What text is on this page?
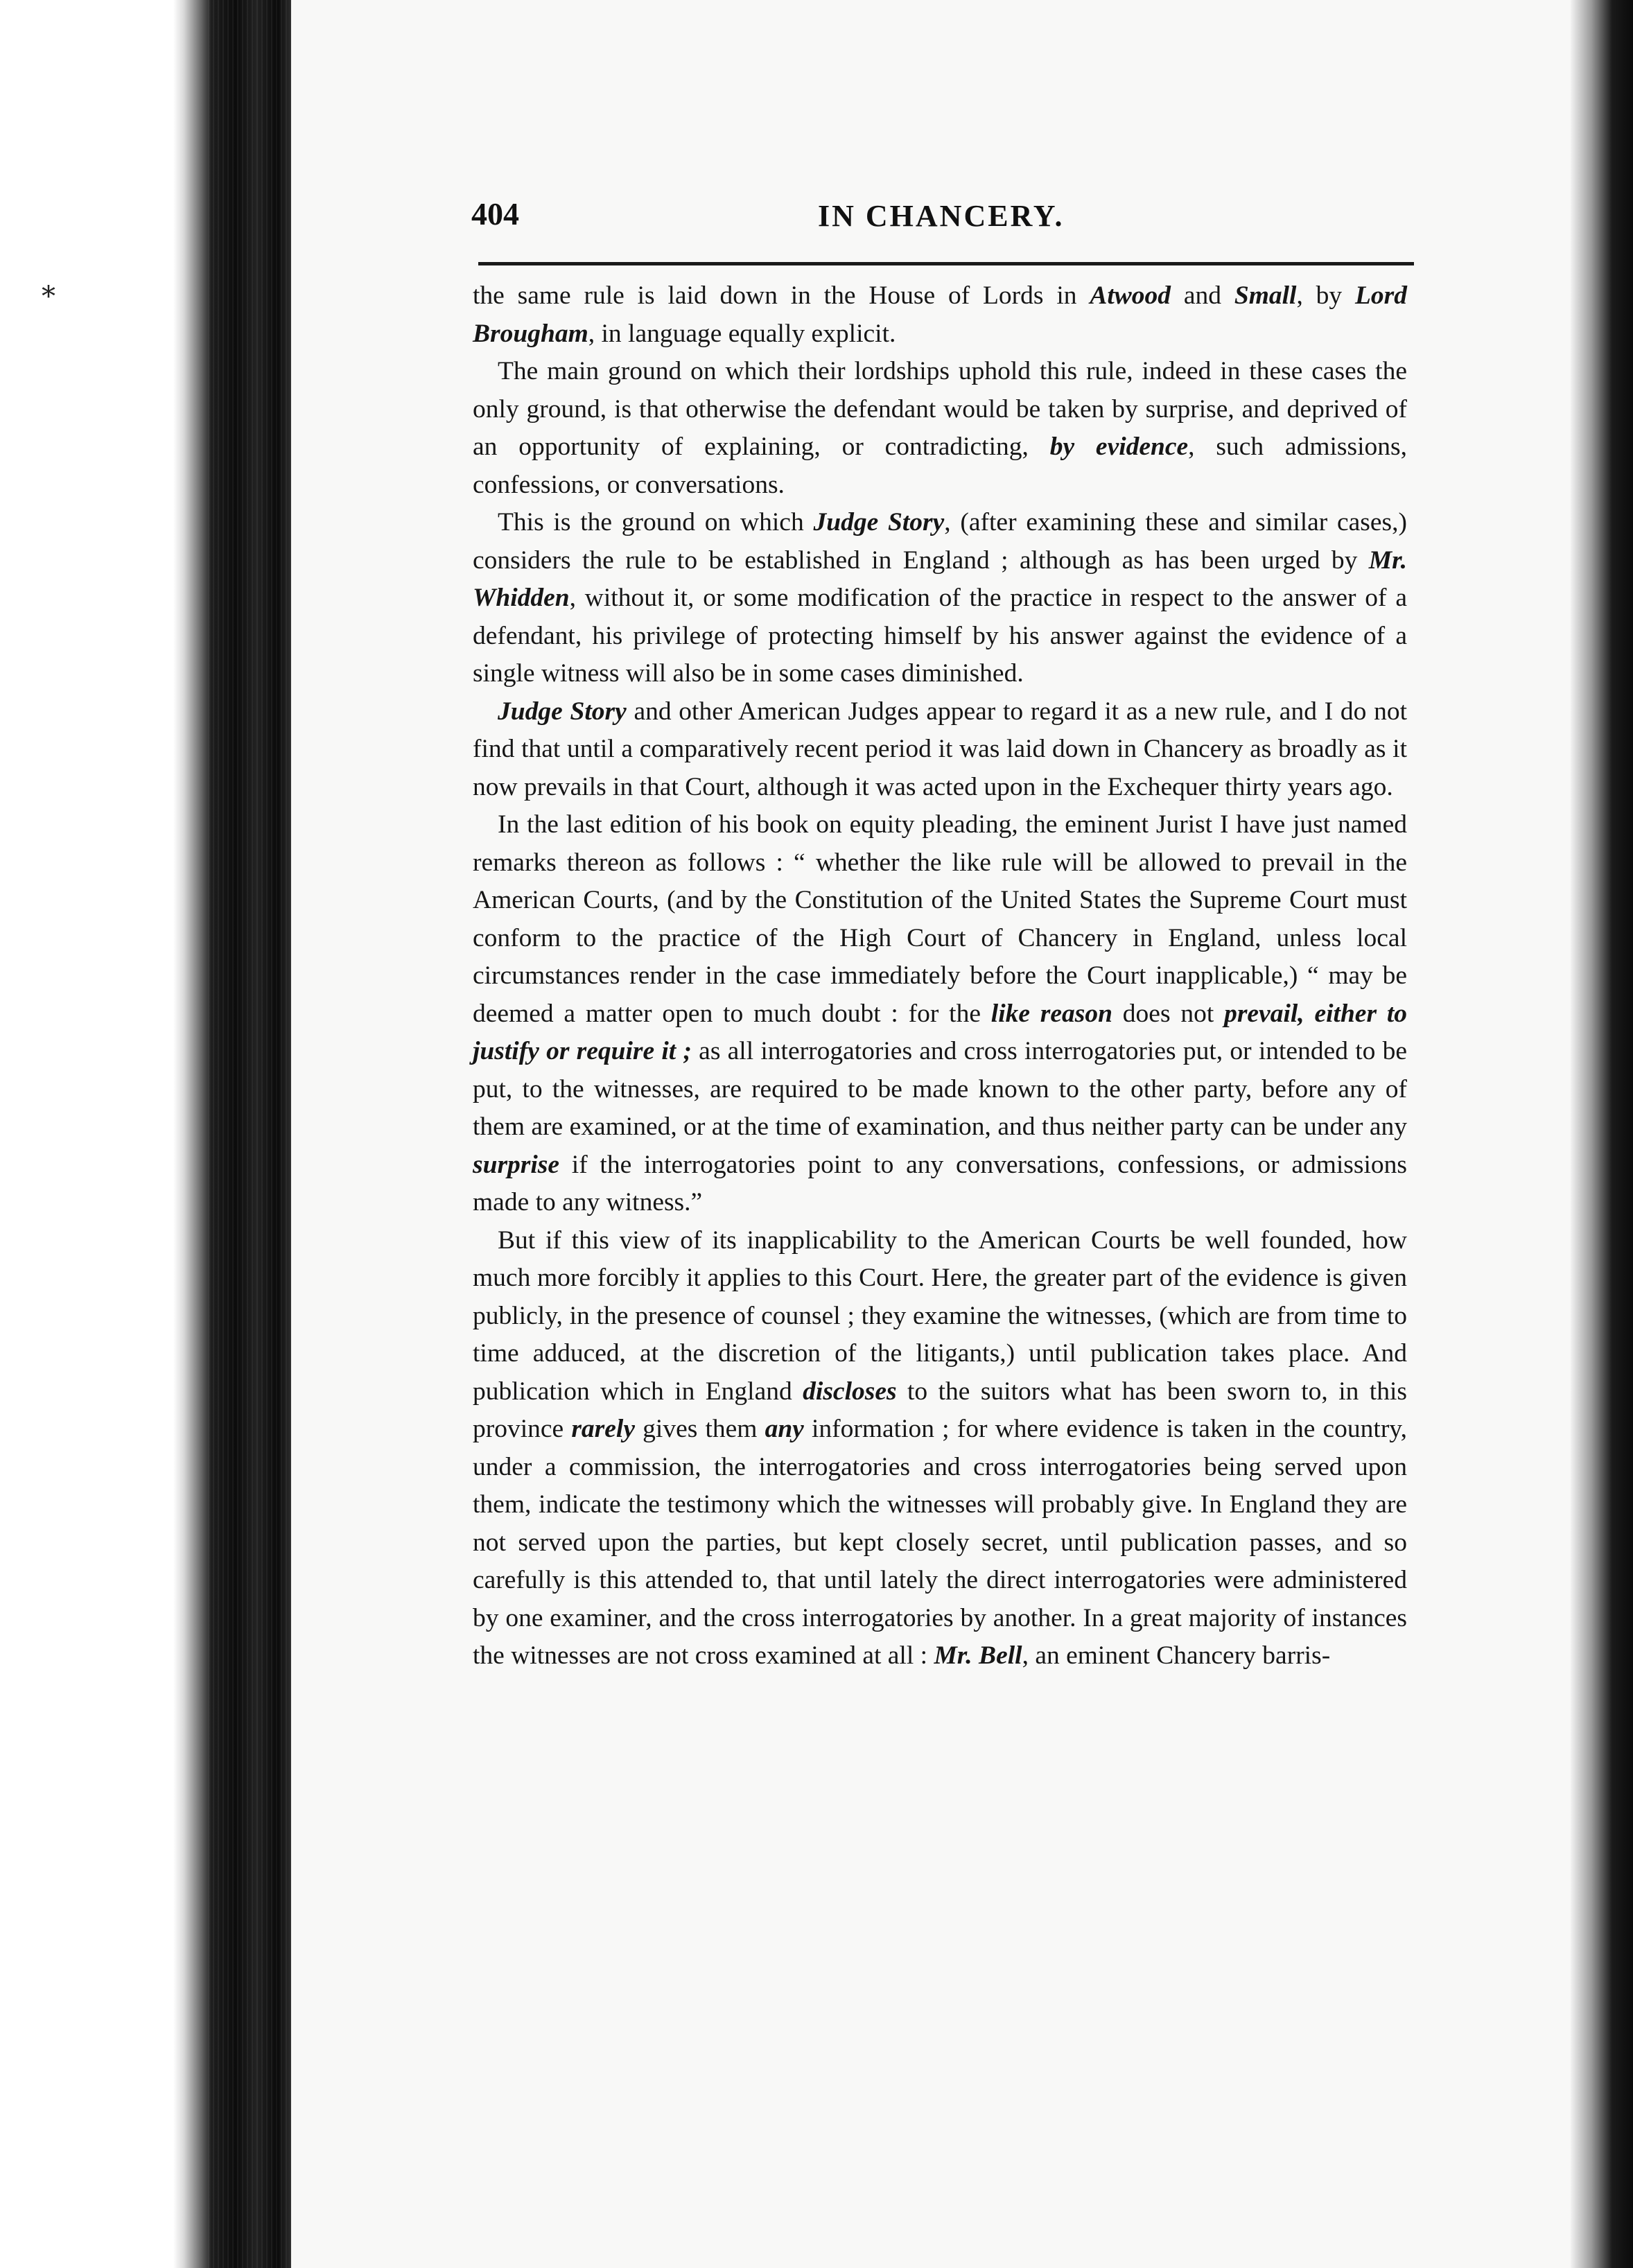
*
404	IN CHANCERY.

the same rule is laid down in the House of Lords in Atwood and Small, by Lord Brougham, in language equally explicit.

The main ground on which their lordships uphold this rule, indeed in these cases the only ground, is that otherwise the defendant would be taken by surprise, and deprived of an opportunity of explaining, or contradicting, by evidence, such admissions, confessions, or conversations.

This is the ground on which Judge Story, (after examining these and similar cases,) considers the rule to be established in England ; although as has been urged by Mr. Whidden, without it, or some modification of the practice in respect to the answer of a defendant, his privilege of protecting himself by his answer against the evidence of a single witness will also be in some cases diminished.

Judge Story and other American Judges appear to regard it as a new rule, and I do not find that until a comparatively recent period it was laid down in Chancery as broadly as it now prevails in that Court, although it was acted upon in the Exchequer thirty years ago.

In the last edition of his book on equity pleading, the eminent Jurist I have just named remarks thereon as follows : “ whether the like rule will be allowed to prevail in the American Courts, (and by the Constitution of the United States the Supreme Court must conform to the practice of the High Court of Chancery in England, unless local circumstances render in the case immediately before the Court inapplicable,) “ may be deemed a matter open to much doubt : for the like reason does not prevail, either to justify or require it ; as all interrogatories and cross interrogatories put, or intended to be put, to the witnesses, are required to be made known to the other party, before any of them are examined, or at the time of examination, and thus neither party can be under any surprise if the interrogatories point to any conversations, confessions, or admissions made to any witness.”

But if this view of its inapplicability to the American Courts be well founded, how much more forcibly it applies to this Court. Here, the greater part of the evidence is given publicly, in the presence of counsel ; they examine the witnesses, (which are from time to time adduced, at the discretion of the litigants,) until publication takes place. And publication which in England discloses to the suitors what has been sworn to, in this province rarely gives them any information ; for where evidence is taken in the country, under a commission, the interrogatories and cross interrogatories being served upon them, indicate the testimony which the witnesses will probably give. In England they are not served upon the parties, but kept closely secret, until publication passes, and so carefully is this attended to, that until lately the direct interrogatories were administered by one examiner, and the cross interrogatories by another. In a great majority of instances the witnesses are not cross examined at all : Mr. Bell, an eminent Chancery barris-
